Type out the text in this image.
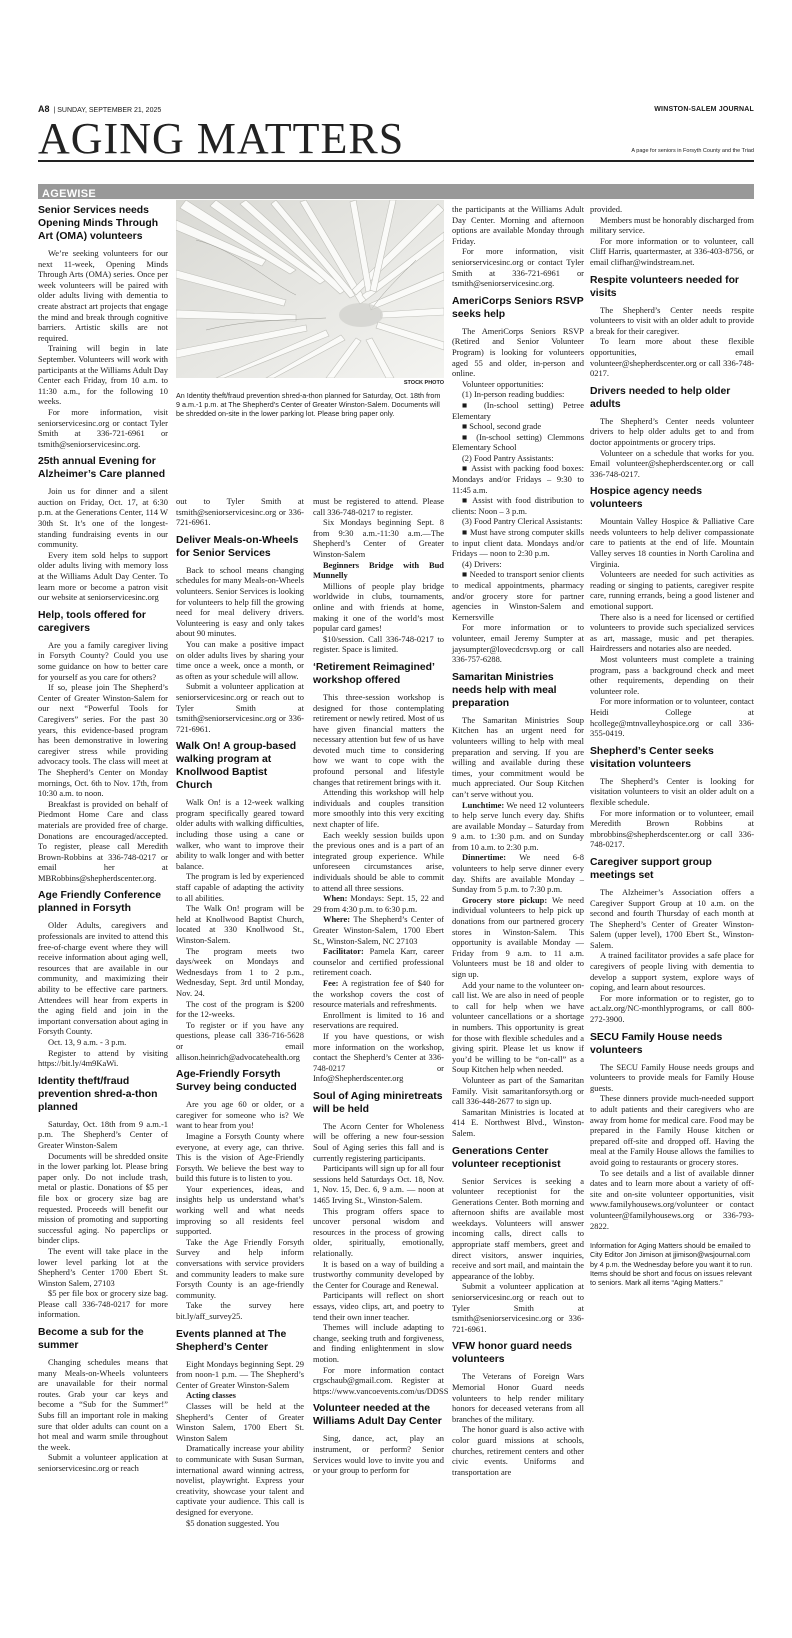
A8 | SUNDAY, SEPTEMBER 21, 2025	WINSTON-SALEM JOURNAL
AGING MATTERS	A page for seniors in Forsyth County and the Triad
AGEWISE
STOCK PHOTO
An Identity theft/fraud prevention shred-a-thon planned for Saturday, Oct. 18th from 9 a.m.-1 p.m. at The Shepherd’s Center of Greater Winston-Salem. Documents will be shredded on-site in the lower parking lot. Please bring paper only.
Senior Services needs Opening Minds Through Art (OMA) volunteers

We’re seeking volunteers for our next 11-week, Opening Minds Through Arts (OMA) series. Once per week volunteers will be paired with older adults living with dementia to create abstract art projects that engage the mind and break through cognitive barriers. Artistic skills are not required.

Training will begin in late September. Volunteers will work with participants at the Williams Adult Day Center each Friday, from 10 a.m. to 11:30 a.m., for the following 10 weeks.

For more information, visit seniorservicesinc.org or contact Tyler Smith at 336-721-6961 or tsmith@seniorservicesinc.org.

25th annual Evening for Alzheimer’s Care planned

Join us for dinner and a silent auction on Friday, Oct. 17, at 6:30 p.m. at the Generations Center, 114 W 30th St. It’s one of the longest-standing fundraising events in our community.

Every item sold helps to support older adults living with memory loss at the Williams Adult Day Center. To learn more or become a patron visit our website at seniorservicesinc.org

Help, tools offered for caregivers

Are you a family caregiver living in Forsyth County? Could you use some guidance on how to better care for yourself as you care for others?

If so, please join The Shepherd’s Center of Greater Winston-Salem for our next “Powerful Tools for Caregivers” series. For the past 30 years, this evidence-based program has been demonstrative in lowering caregiver stress while providing advocacy tools. The class will meet at The Shepherd’s Center on Monday mornings, Oct. 6th to Nov. 17th, from 10:30 a.m. to noon.

Breakfast is provided on behalf of Piedmont Home Care and class materials are provided free of charge. Donations are encouraged/accepted. To register, please call Meredith Brown-Robbins at 336-748-0217 or email her at MBRobbins@shepherdscenter.org.

Age Friendly Conference planned in Forsyth

Older Adults, caregivers and professionals are invited to attend this free-of-charge event where they will receive information about aging well, resources that are available in our community, and maximizing their ability to be effective care partners. Attendees will hear from experts in the aging field and join in the important conversation about aging in Forsyth County.

Oct. 13, 9 a.m. - 3 p.m.

Register to attend by visiting https://bit.ly/4m9KaWi.

Identity theft/fraud prevention shred-a-thon planned

Saturday, Oct. 18th from 9 a.m.-1 p.m. The Shepherd’s Center of Greater Winston-Salem

Documents will be shredded onsite in the lower parking lot. Please bring paper only. Do not include trash, metal or plastic. Donations of $5 per file box or grocery size bag are requested. Proceeds will benefit our mission of promoting and supporting successful aging. No paperclips or binder clips.

The event will take place in the lower level parking lot at the Shepherd’s Center 1700 Ebert St. Winston Salem, 27103

$5 per file box or grocery size bag. Please call 336-748-0217 for more information.

Become a sub for the summer

Changing schedules means that many Meals-on-Wheels volunteers are unavailable for their normal routes. Grab your car keys and become a “Sub for the Summer!” Subs fill an important role in making sure that older adults can count on a hot meal and warm smile throughout the week.

Submit a volunteer application at seniorservicesinc.org or reach

out to Tyler Smith at tsmith@seniorservicesinc.org or 336-721-6961.

Deliver Meals-on-Wheels for Senior Services

Back to school means changing schedules for many Meals-on-Wheels volunteers. Senior Services is looking for volunteers to help fill the growing need for meal delivery drivers. Volunteering is easy and only takes about 90 minutes.

You can make a positive impact on older adults lives by sharing your time once a week, once a month, or as often as your schedule will allow.

Submit a volunteer application at seniorservicesinc.org or reach out to Tyler Smith at tsmith@seniorservicesinc.org or 336-721-6961.

Walk On! A group-based walking program at Knollwood Baptist Church

Walk On! is a 12-week walking program specifically geared toward older adults with walking difficulties, including those using a cane or walker, who want to improve their ability to walk longer and with better balance.

The program is led by experienced staff capable of adapting the activity to all abilities.

The Walk On! program will be held at Knollwood Baptist Church, located at 330 Knollwood St., Winston-Salem.

The program meets two days/week on Mondays and Wednesdays from 1 to 2 p.m., Wednesday, Sept. 3rd until Monday, Nov. 24.

The cost of the program is $200 for the 12-weeks.

To register or if you have any questions, please call 336-716-5628 or email allison.heinrich@advocatehealth.org

Age-Friendly Forsyth Survey being conducted

Are you age 60 or older, or a caregiver for someone who is? We want to hear from you!

Imagine a Forsyth County where everyone, at every age, can thrive. This is the vision of Age-Friendly Forsyth. We believe the best way to build this future is to listen to you.

Your experiences, ideas, and insights help us understand what’s working well and what needs improving so all residents feel supported.

Take the Age Friendly Forsyth Survey and help inform conversations with service providers and community leaders to make sure Forsyth County is an age-friendly community.

Take the survey here bit.ly/aff_survey25.

Events planned at The Shepherd’s Center

Eight Mondays beginning Sept. 29 from noon-1 p.m. — The Shepherd’s Center of Greater Winston-Salem

Acting classes

Classes will be held at the Shepherd’s Center of Greater Winston Salem, 1700 Ebert St. Winston Salem

Dramatically increase your ability to communicate with Susan Surman, international award winning actress, novelist, playwright. Express your creativity, showcase your talent and captivate your audience. This call is designed for everyone.

$5 donation suggested. You

must be registered to attend. Please call 336-748-0217 to register.

Six Mondays beginning Sept. 8 from 9:30 a.m.-11:30 a.m.—The Shepherd’s Center of Greater Winston-Salem

Beginners Bridge with Bud Munnelly

Millions of people play bridge worldwide in clubs, tournaments, online and with friends at home, making it one of the world’s most popular card games!

$10/session. Call 336-748-0217 to register. Space is limited.

‘Retirement Reimagined’ workshop offered

This three-session workshop is designed for those contemplating retirement or newly retired. Most of us have given financial matters the necessary attention but few of us have devoted much time to considering how we want to cope with the profound personal and lifestyle changes that retirement brings with it.

Attending this workshop will help individuals and couples transition more smoothly into this very exciting next chapter of life.

Each weekly session builds upon the previous ones and is a part of an integrated group experience. While unforeseen circumstances arise, individuals should be able to commit to attend all three sessions.

When: Mondays: Sept. 15, 22 and 29 from 4:30 p.m. to 6:30 p.m.

Where: The Shepherd’s Center of Greater Winston-Salem, 1700 Ebert St., Winston-Salem, NC 27103

Facilitator: Pamela Karr, career counselor and certified professional retirement coach.

Fee: A registration fee of $40 for the workshop covers the cost of resource materials and refreshments.

Enrollment is limited to 16 and reservations are required.

If you have questions, or wish more information on the workshop, contact the Shepherd’s Center at 336-748-0217 or Info@Shepherdscenter.org

Soul of Aging miniretreats will be held

The Acorn Center for Wholeness will be offering a new four-session Soul of Aging series this fall and is currently registering participants.

Participants will sign up for all four sessions held Saturdays Oct. 18, Nov. 1, Nov. 15, Dec. 6, 9 a.m. — noon at 1465 Irving St., Winston-Salem.

This program offers space to uncover personal wisdom and resources in the process of growing older, spiritually, emotionally, relationally.

It is based on a way of building a trustworthy community developed by the Center for Courage and Renewal.

Participants will reflect on short essays, video clips, art, and poetry to tend their own inner teacher.

Themes will include adapting to change, seeking truth and forgiveness, and finding enlightenment in slow motion.

For more information contact crgschaub@gmail.com. Register at https://www.vancoevents.com/us/DDSS

Volunteer needed at the Williams Adult Day Center

Sing, dance, act, play an instrument, or perform? Senior Services would love to invite you and or your group to perform for

the participants at the Williams Adult Day Center. Morning and afternoon options are available Monday through Friday.

For more information, visit seniorservicesinc.org or contact Tyler Smith at 336-721-6961 or tsmith@seniorservicesinc.org.

AmeriCorps Seniors RSVP seeks help

The AmeriCorps Seniors RSVP (Retired and Senior Volunteer Program) is looking for volunteers aged 55 and older, in-person and online.

Volunteer opportunities:

(1) In-person reading buddies:

■ (In-school setting) Petree Elementary

■ School, second grade

■ (In-school setting) Clemmons Elementary School

(2) Food Pantry Assistants:

■ Assist with packing food boxes: Mondays and/or Fridays – 9:30 to 11:45 a.m.

■ Assist with food distribution to clients: Noon – 3 p.m.

(3) Food Pantry Clerical Assistants:

■ Must have strong computer skills to input client data. Mondays and/or Fridays — noon to 2:30 p.m.

(4) Drivers:

■ Needed to transport senior clients to medical appointments, pharmacy and/or grocery store for partner agencies in Winston-Salem and Kernersville

For more information or to volunteer, email Jeremy Sumpter at jaysumpter@lovecdcrsvp.org or call 336-757-6288.

Samaritan Ministries needs help with meal preparation

The Samaritan Ministries Soup Kitchen has an urgent need for volunteers willing to help with meal preparation and serving. If you are willing and available during these times, your commitment would be much appreciated. Our Soup Kitchen can’t serve without you.

Lunchtime: We need 12 volunteers to help serve lunch every day. Shifts are available Monday – Saturday from 9 a.m. to 1:30 p.m. and on Sunday from 10 a.m. to 2:30 p.m.

Dinnertime: We need 6-8 volunteers to help serve dinner every day. Shifts are available Monday – Sunday from 5 p.m. to 7:30 p.m.

Grocery store pickup: We need individual volunteers to help pick up donations from our partnered grocery stores in Winston-Salem. This opportunity is available Monday — Friday from 9 a.m. to 11 a.m. Volunteers must be 18 and older to sign up.

Add your name to the volunteer on-call list. We are also in need of people to call for help when we have volunteer cancellations or a shortage in numbers. This opportunity is great for those with flexible schedules and a giving spirit. Please let us know if you’d be willing to be “on-call” as a Soup Kitchen help when needed.

Volunteer as part of the Samaritan Family. Visit samaritanforsyth.org or call 336-448-2677 to sign up.

Samaritan Ministries is located at 414 E. Northwest Blvd., Winston-Salem.

Generations Center volunteer receptionist

Senior Services is seeking a volunteer receptionist for the Generations Center. Both morning and afternoon shifts are available most weekdays. Volunteers will answer incoming calls, direct calls to appropriate staff members, greet and direct visitors, answer inquiries, receive and sort mail, and maintain the appearance of the lobby.

Submit a volunteer application at seniorservicesinc.org or reach out to Tyler Smith at tsmith@seniorservicesinc.org or 336-721-6961.

VFW honor guard needs volunteers

The Veterans of Foreign Wars Memorial Honor Guard needs volunteers to help render military honors for deceased veterans from all branches of the military.

The honor guard is also active with color guard missions at schools, churches, retirement centers and other civic events. Uniforms and transportation are

provided.

Members must be honorably discharged from military service.

For more information or to volunteer, call Cliff Harris, quartermaster, at 336-403-8756, or email clifhar@windstream.net.

Respite volunteers needed for visits

The Shepherd’s Center needs respite volunteers to visit with an older adult to provide a break for their caregiver.

To learn more about these flexible opportunities, email volunteer@shepherdscenter.org or call 336-748-0217.

Drivers needed to help older adults

The Shepherd’s Center needs volunteer drivers to help older adults get to and from doctor appointments or grocery trips.

Volunteer on a schedule that works for you. Email volunteer@shepherdscenter.org or call 336-748-0217.

Hospice agency needs volunteers

Mountain Valley Hospice & Palliative Care needs volunteers to help deliver compassionate care to patients at the end of life. Mountain Valley serves 18 counties in North Carolina and Virginia.

Volunteers are needed for such activities as reading or singing to patients, caregiver respite care, running errands, being a good listener and emotional support.

There also is a need for licensed or certified volunteers to provide such specialized services as art, massage, music and pet therapies. Hairdressers and notaries also are needed.

Most volunteers must complete a training program, pass a background check and meet other requirements, depending on their volunteer role.

For more information or to volunteer, contact Heidi College at hcollege@mtnvalleyhospice.org or call 336-355-0419.

Shepherd’s Center seeks visitation volunteers

The Shepherd’s Center is looking for visitation volunteers to visit an older adult on a flexible schedule.

For more information or to volunteer, email Meredith Brown Robbins at mbrobbins@shepherdscenter.org or call 336-748-0217.

Caregiver support group meetings set

The Alzheimer’s Association offers a Caregiver Support Group at 10 a.m. on the second and fourth Thursday of each month at The Shepherd’s Center of Greater Winston-Salem (upper level), 1700 Ebert St., Winston-Salem.

A trained facilitator provides a safe place for caregivers of people living with dementia to develop a support system, explore ways of coping, and learn about resources.

For more information or to register, go to act.alz.org/NC-monthlyprograms, or call 800-272-3900.

SECU Family House needs volunteers

The SECU Family House needs groups and volunteers to provide meals for Family House guests.

These dinners provide much-needed support to adult patients and their caregivers who are away from home for medical care. Food may be prepared in the Family House kitchen or prepared off-site and dropped off. Having the meal at the Family House allows the families to avoid going to restaurants or grocery stores.

To see details and a list of available dinner dates and to learn more about a variety of off-site and on-site volunteer opportunities, visit www.familyhousews.org/volunteer or contact volunteer@familyhousews.org or 336-793-2822.

Information for Aging Matters should be emailed to City Editor Jon Jimison at jjimison@wsjournal.com by 4 p.m. the Wednesday before you want it to run. Items should be short and focus on issues relevant to seniors. Mark all items “Aging Matters.”
